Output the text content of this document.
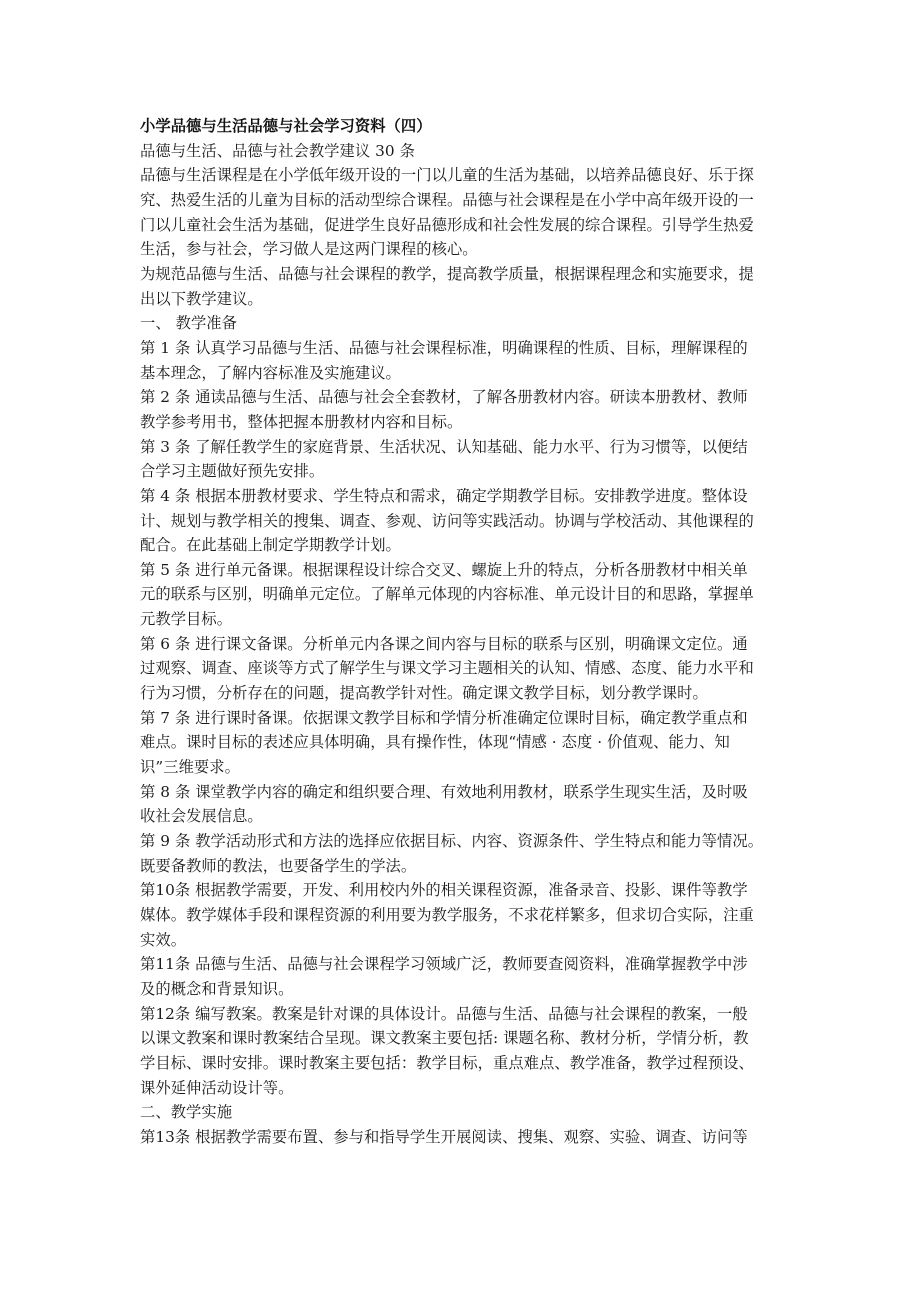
小学品德与生活品德与社会学习资料（四）
品德与生活、品德与社会教学建议 30 条
品德与生活课程是在小学低年级开设的一门以儿童的生活为基础，以培养品德良好、乐于探
究、热爱生活的儿童为目标的活动型综合课程。品德与社会课程是在小学中高年级开设的一
门以儿童社会生活为基础，促进学生良好品德形成和社会性发展的综合课程。引导学生热爱
生活，参与社会，学习做人是这两门课程的核心。
为规范品德与生活、品德与社会课程的教学，提高教学质量，根据课程理念和实施要求，提
出以下教学建议。
一、 教学准备
第 1 条 认真学习品德与生活、品德与社会课程标准，明确课程的性质、目标，理解课程的
基本理念，了解内容标准及实施建议。
第 2 条 通读品德与生活、品德与社会全套教材，了解各册教材内容。研读本册教材、教师
教学参考用书，整体把握本册教材内容和目标。
第 3 条 了解任教学生的家庭背景、生活状况、认知基础、能力水平、行为习惯等，以便结
合学习主题做好预先安排。
第 4 条 根据本册教材要求、学生特点和需求，确定学期教学目标。安排教学进度。整体设
计、规划与教学相关的搜集、调查、参观、访问等实践活动。协调与学校活动、其他课程的
配合。在此基础上制定学期教学计划。
第 5 条 进行单元备课。根据课程设计综合交叉、螺旋上升的特点，分析各册教材中相关单
元的联系与区别，明确单元定位。了解单元体现的内容标准、单元设计目的和思路，掌握单
元教学目标。
第 6 条 进行课文备课。分析单元内各课之间内容与目标的联系与区别，明确课文定位。通
过观察、调查、座谈等方式了解学生与课文学习主题相关的认知、情感、态度、能力水平和
行为习惯，分析存在的问题，提高教学针对性。确定课文教学目标，划分教学课时。
第 7 条 进行课时备课。依据课文教学目标和学情分析准确定位课时目标，确定教学重点和
难点。课时目标的表述应具体明确，具有操作性，体现“情感 · 态度 · 价值观、能力、知
识”三维要求。
第 8 条 课堂教学内容的确定和组织要合理、有效地利用教材，联系学生现实生活，及时吸
收社会发展信息。
第 9 条 教学活动形式和方法的选择应依据目标、内容、资源条件、学生特点和能力等情况。
既要备教师的教法，也要备学生的学法。
第10条 根据教学需要，开发、利用校内外的相关课程资源，准备录音、投影、课件等教学
媒体。教学媒体手段和课程资源的利用要为教学服务，不求花样繁多，但求切合实际，注重
实效。
第11条 品德与生活、品德与社会课程学习领域广泛，教师要查阅资料，准确掌握教学中涉
及的概念和背景知识。
第12条 编写教案。教案是针对课的具体设计。品德与生活、品德与社会课程的教案，一般
以课文教案和课时教案结合呈现。课文教案主要包括: 课题名称、教材分析，学情分析，教
学目标、课时安排。课时教案主要包括：教学目标，重点难点、教学准备，教学过程预设、
课外延伸活动设计等。
二、教学实施
第13条 根据教学需要布置、参与和指导学生开展阅读、搜集、观察、实验、调查、访问等
